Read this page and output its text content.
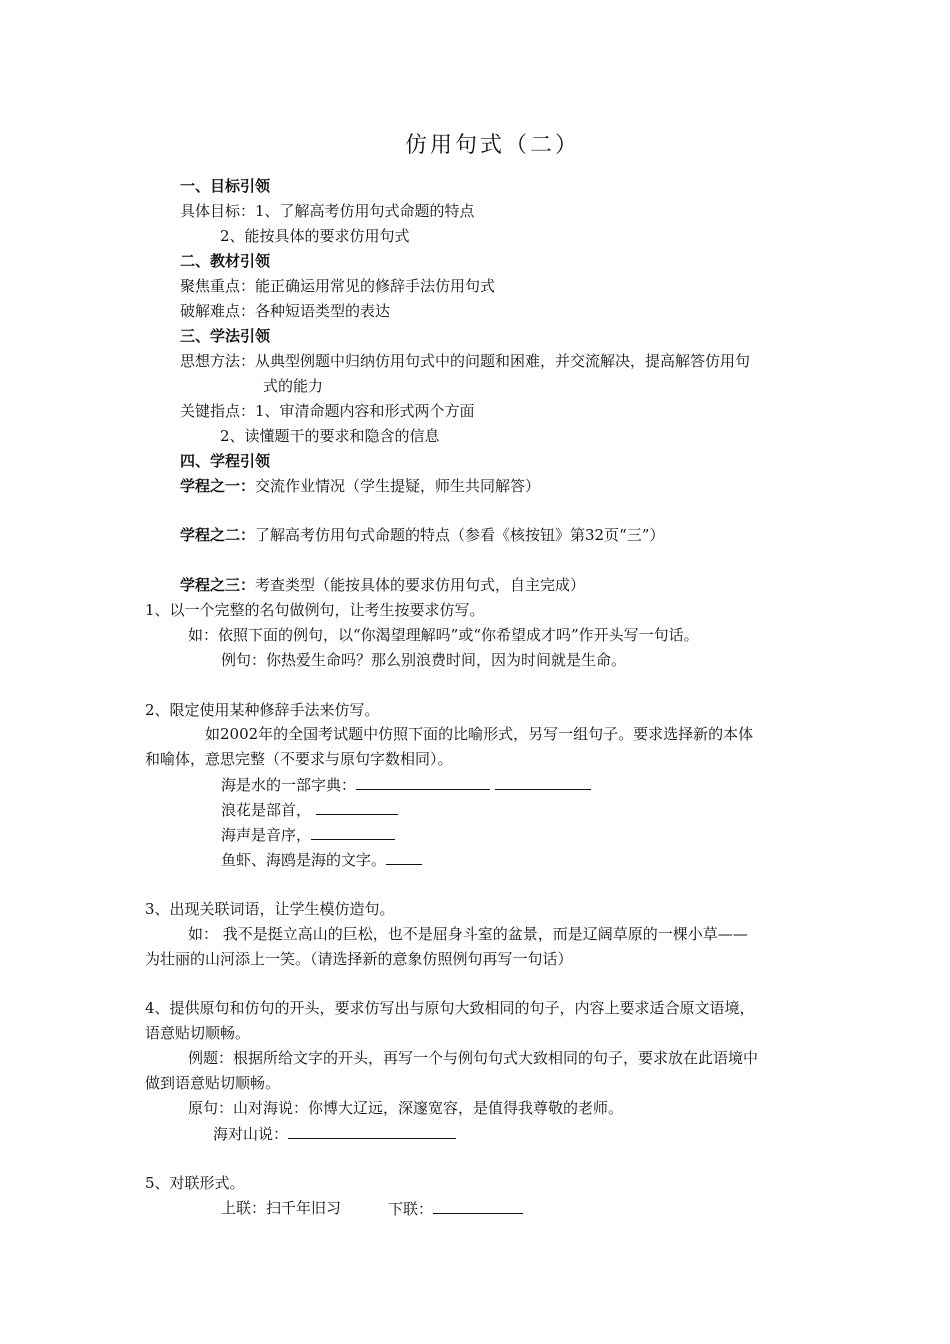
仿用句式（二）
一、目标引领
具体目标：1、了解高考仿用句式命题的特点
2、能按具体的要求仿用句式
二、教材引领
聚焦重点：能正确运用常见的修辞手法仿用句式
破解难点：各种短语类型的表达
三、学法引领
思想方法：从典型例题中归纳仿用句式中的问题和困难，并交流解决，提高解答仿用句
式的能力
关键指点：1、审清命题内容和形式两个方面
2、读懂题干的要求和隐含的信息
四、学程引领
学程之一：交流作业情况（学生提疑，师生共同解答）
学程之二：了解高考仿用句式命题的特点（参看《核按钮》第32页“三”）
学程之三：考查类型（能按具体的要求仿用句式，自主完成）
1、以一个完整的名句做例句，让考生按要求仿写。
如：依照下面的例句，以“你渴望理解吗”或“你希望成才吗”作开头写一句话。
例句：你热爱生命吗？那么别浪费时间，因为时间就是生命。
2、限定使用某种修辞手法来仿写。
如2002年的全国考试题中仿照下面的比喻形式，另写一组句子。要求选择新的本体
和喻体，意思完整（不要求与原句字数相同）。
海是水的一部字典：
浪花是部首，
海声是音序，
鱼虾、海鸥是海的文字。
3、出现关联词语，让学生模仿造句。
如： 我不是挺立高山的巨松，也不是屈身斗室的盆景，而是辽阔草原的一棵小草——
为壮丽的山河添上一笑。（请选择新的意象仿照例句再写一句话）
4、提供原句和仿句的开头，要求仿写出与原句大致相同的句子，内容上要求适合原文语境，
语意贴切顺畅。
例题：根据所给文字的开头，再写一个与例句句式大致相同的句子，要求放在此语境中
做到语意贴切顺畅。
原句：山对海说：你博大辽远，深邃宽容，是值得我尊敬的老师。
海对山说：
5、对联形式。
上联：扫千年旧习	下联：
